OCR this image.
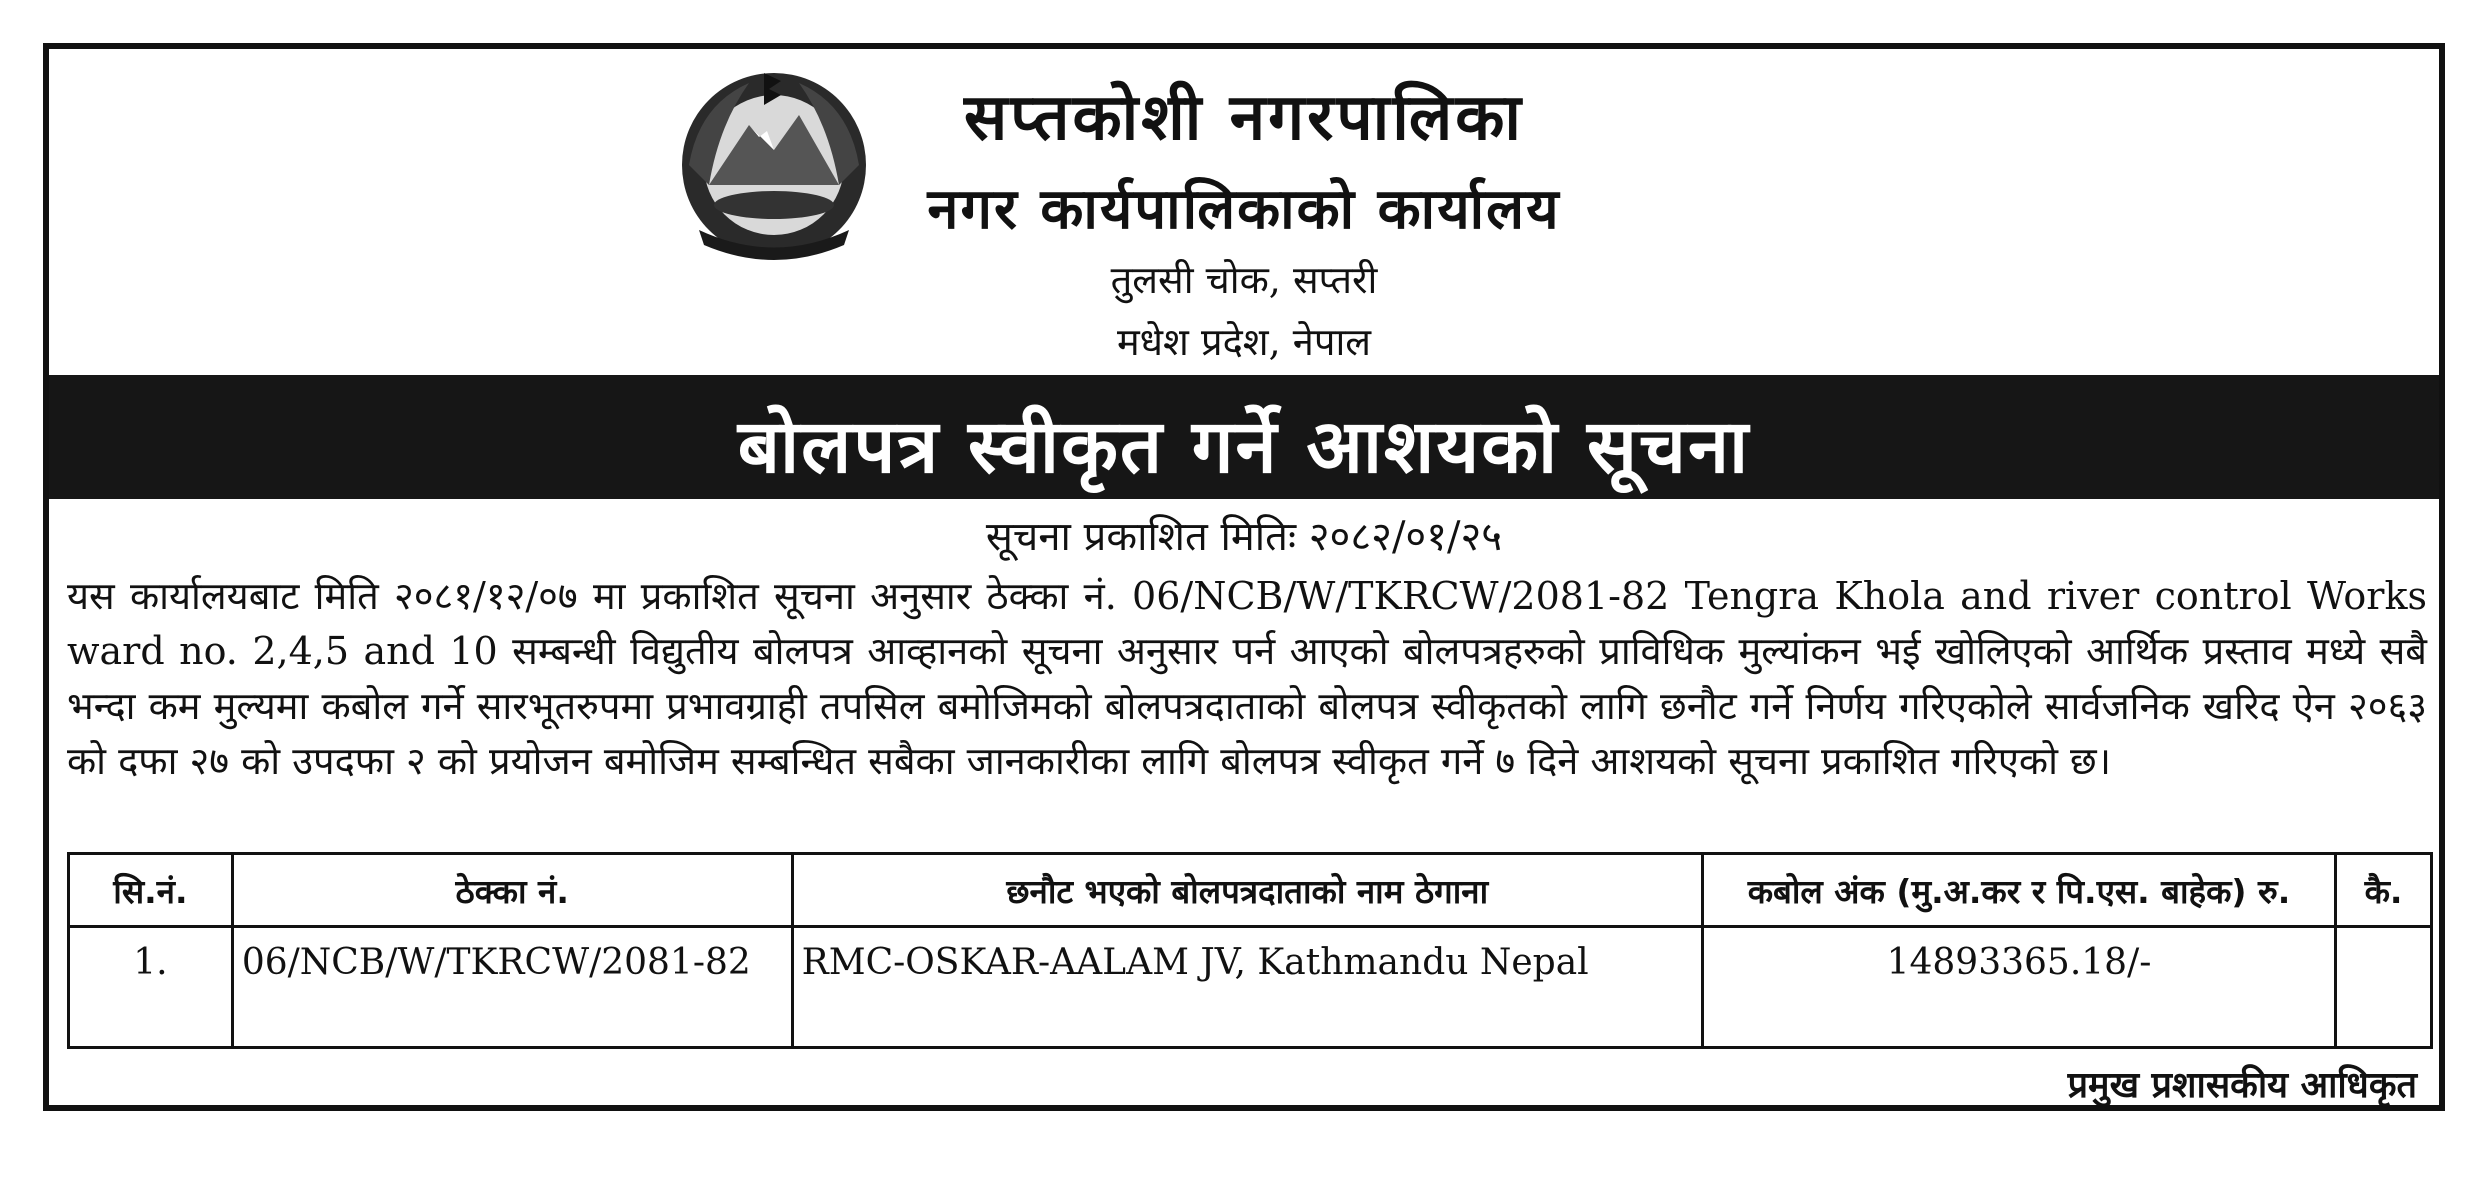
सप्तकोशी नगरपालिका
नगर कार्यपालिकाको कार्यालय
तुलसी चोक, सप्तरी
मधेश प्रदेश, नेपाल
बोलपत्र स्वीकृत गर्ने आशयको सूचना
सूचना प्रकाशित मितिः २०८२/०१/२५
यस कार्यालयबाट मिति २०८१/१२/०७ मा प्रकाशित सूचना अनुसार ठेक्का नं. 06/NCB/W/TKRCW/2081-82 Tengra Khola and river control Works ward no. 2,4,5 and 10 सम्बन्धी विद्युतीय बोलपत्र आव्हानको सूचना अनुसार पर्न आएको बोलपत्रहरुको प्राविधिक मुल्यांकन भई खोलिएको आर्थिक प्रस्ताव मध्ये सबै भन्दा कम मुल्यमा कबोल गर्ने सारभूतरुपमा प्रभावग्राही तपसिल बमोजिमको बोलपत्रदाताको बोलपत्र स्वीकृतको लागि छनौट गर्ने निर्णय गरिएकोले सार्वजनिक खरिद ऐन २०६३ को दफा २७ को उपदफा २ को प्रयोजन बमोजिम सम्बन्धित सबैका जानकारीका लागि बोलपत्र स्वीकृत गर्ने ७ दिने आशयको सूचना प्रकाशित गरिएको छ।
सि.नं.	ठेक्का नं.	छनौट भएको बोलपत्रदाताको नाम ठेगाना	कबोल अंक (मु.अ.कर र पि.एस. बाहेक) रु.	कै.
1.	06/NCB/W/TKRCW/2081-82	RMC-OSKAR-AALAM JV, Kathmandu Nepal	14893365.18/-	
प्रमुख प्रशासकीय आधिकृत
